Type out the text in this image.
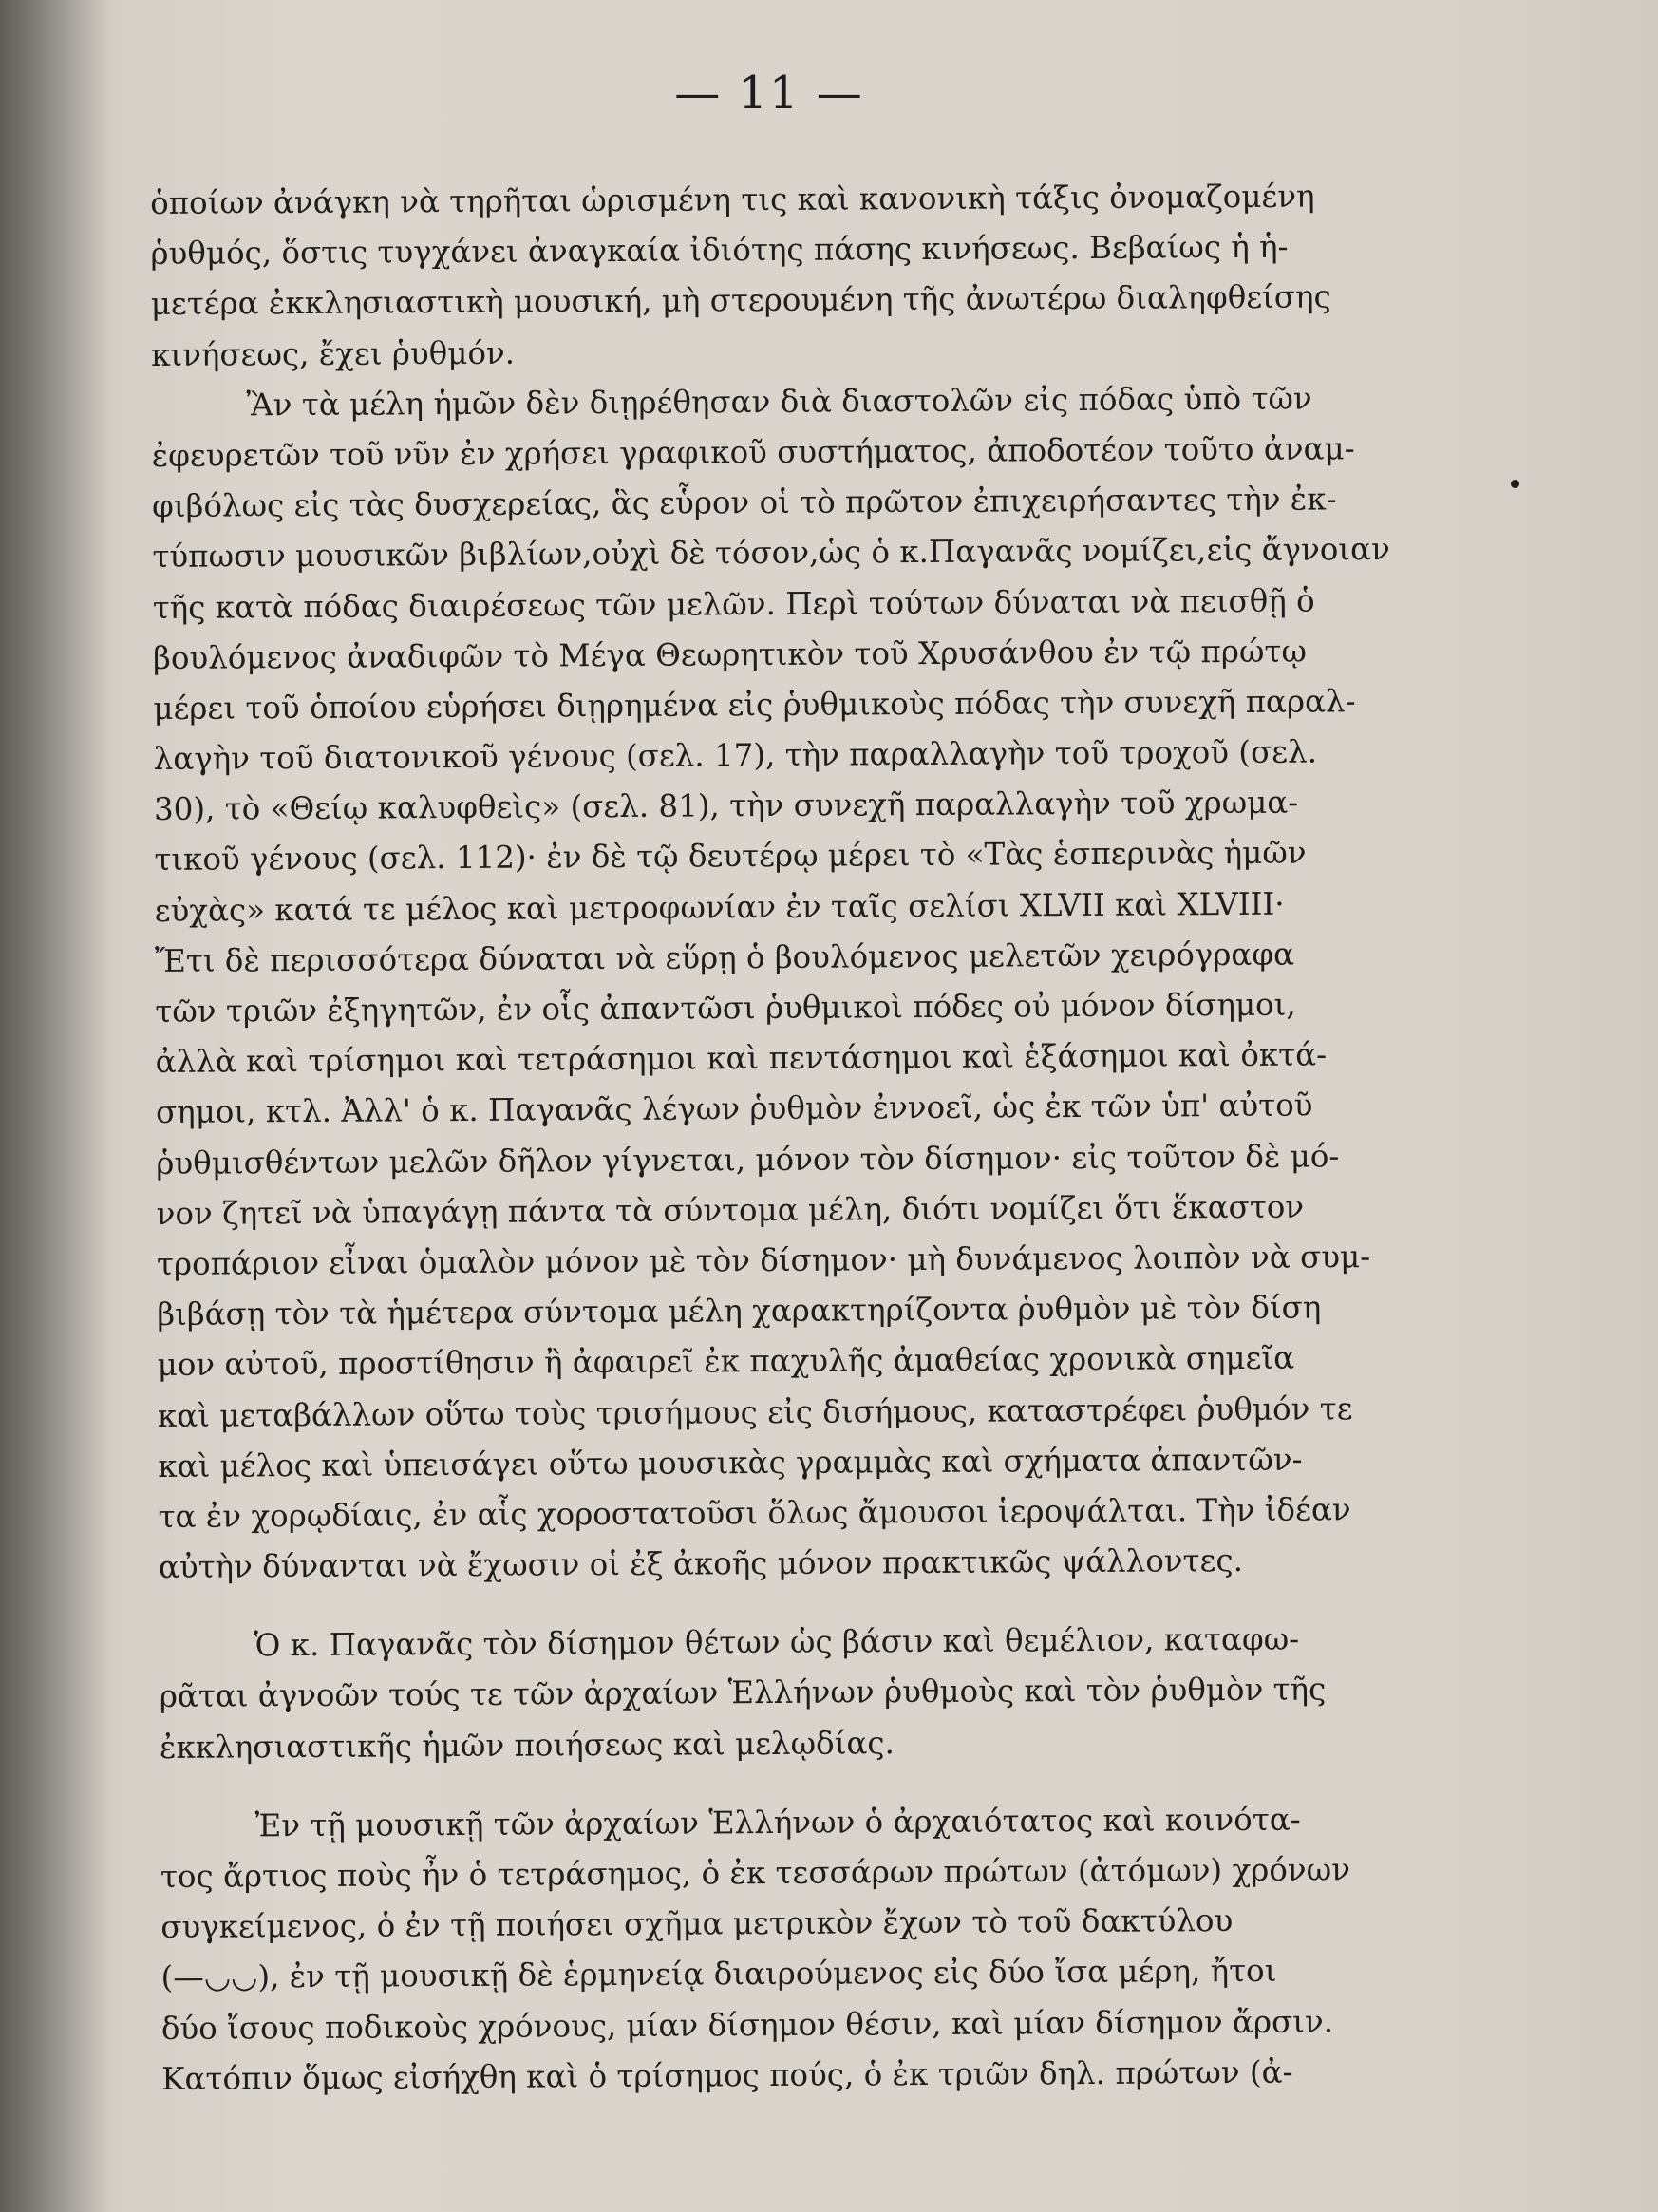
— 11 —
ὁποίων ἀνάγκη νὰ τηρῆται ὡρισμένη τις καὶ κανονικὴ τάξις ὀνομαζομένη
ῥυθμός, ὅστις τυγχάνει ἀναγκαία ἰδιότης πάσης κινήσεως. Βεβαίως ἡ ἡ-
μετέρα ἐκκλησιαστικὴ μουσική, μὴ στερουμένη τῆς ἀνωτέρω διαληφθείσης
κινήσεως, ἔχει ῥυθμόν.
Ἂν τὰ μέλη ἡμῶν δὲν διῃρέθησαν διὰ διαστολῶν εἰς πόδας ὑπὸ τῶν
ἐφευρετῶν τοῦ νῦν ἐν χρήσει γραφικοῦ συστήματος, ἀποδοτέον τοῦτο ἀναμ-
φιβόλως εἰς τὰς δυσχερείας, ἃς εὗρον οἱ τὸ πρῶτον ἐπιχειρήσαντες τὴν ἐκ-
τύπωσιν μουσικῶν βιβλίων,οὐχὶ δὲ τόσον,ὡς ὁ κ.Παγανᾶς νομίζει,εἰς ἄγνοιαν
τῆς κατὰ πόδας διαιρέσεως τῶν μελῶν. Περὶ τούτων δύναται νὰ πεισθῇ ὁ
βουλόμενος ἀναδιφῶν τὸ Μέγα Θεωρητικὸν τοῦ Χρυσάνθου ἐν τῷ πρώτῳ
μέρει τοῦ ὁποίου εὑρήσει διῃρημένα εἰς ῥυθμικοὺς πόδας τὴν συνεχῆ παραλ-
λαγὴν τοῦ διατονικοῦ γένους (σελ. 17), τὴν παραλλαγὴν τοῦ τροχοῦ (σελ.
30), τὸ «Θείῳ καλυφθεὶς» (σελ. 81), τὴν συνεχῆ παραλλαγὴν τοῦ χρωμα-
τικοῦ γένους (σελ. 112)· ἐν δὲ τῷ δευτέρῳ μέρει τὸ «Τὰς ἑσπερινὰς ἡμῶν
εὐχὰς» κατά τε μέλος καὶ μετροφωνίαν ἐν ταῖς σελίσι XLVII καὶ XLVIII·
Ἔτι δὲ περισσότερα δύναται νὰ εὕρῃ ὁ βουλόμενος μελετῶν χειρόγραφα
τῶν τριῶν ἐξηγητῶν, ἐν οἷς ἀπαντῶσι ῥυθμικοὶ πόδες οὐ μόνον δίσημοι,
ἀλλὰ καὶ τρίσημοι καὶ τετράσημοι καὶ πεντάσημοι καὶ ἑξάσημοι καὶ ὀκτά-
σημοι, κτλ. Ἀλλ' ὁ κ. Παγανᾶς λέγων ῥυθμὸν ἐννοεῖ, ὡς ἐκ τῶν ὑπ' αὐτοῦ
ῥυθμισθέντων μελῶν δῆλον γίγνεται, μόνον τὸν δίσημον· εἰς τοῦτον δὲ μό-
νον ζητεῖ νὰ ὑπαγάγῃ πάντα τὰ σύντομα μέλη, διότι νομίζει ὅτι ἕκαστον
τροπάριον εἶναι ὁμαλὸν μόνον μὲ τὸν δίσημον· μὴ δυνάμενος λοιπὸν νὰ συμ-
βιβάσῃ τὸν τὰ ἡμέτερα σύντομα μέλη χαρακτηρίζοντα ῥυθμὸν μὲ τὸν δίση
μον αὐτοῦ, προστίθησιν ἢ ἀφαιρεῖ ἐκ παχυλῆς ἀμαθείας χρονικὰ σημεῖα
καὶ μεταβάλλων οὕτω τοὺς τρισήμους εἰς δισήμους, καταστρέφει ῥυθμόν τε
καὶ μέλος καὶ ὑπεισάγει οὕτω μουσικὰς γραμμὰς καὶ σχήματα ἀπαντῶν-
τα ἐν χορῳδίαις, ἐν αἷς χοροστατοῦσι ὅλως ἄμουσοι ἱεροψάλται. Τὴν ἰδέαν
αὐτὴν δύνανται νὰ ἔχωσιν οἱ ἐξ ἀκοῆς μόνον πρακτικῶς ψάλλοντες.
Ὁ κ. Παγανᾶς τὸν δίσημον θέτων ὡς βάσιν καὶ θεμέλιον, καταφω-
ρᾶται ἀγνοῶν τούς τε τῶν ἀρχαίων Ἑλλήνων ῥυθμοὺς καὶ τὸν ῥυθμὸν τῆς
ἐκκλησιαστικῆς ἡμῶν ποιήσεως καὶ μελῳδίας.
Ἐν τῇ μουσικῇ τῶν ἀρχαίων Ἑλλήνων ὁ ἀρχαιότατος καὶ κοινότα-
τος ἄρτιος ποὺς ἦν ὁ τετράσημος, ὁ ἐκ τεσσάρων πρώτων (ἀτόμων) χρόνων
συγκείμενος, ὁ ἐν τῇ ποιήσει σχῆμα μετρικὸν ἔχων τὸ τοῦ δακτύλου
(—◡◡), ἐν τῇ μουσικῇ δὲ ἑρμηνείᾳ διαιρούμενος εἰς δύο ἴσα μέρη, ἤτοι
δύο ἴσους ποδικοὺς χρόνους, μίαν δίσημον θέσιν, καὶ μίαν δίσημον ἄρσιν.
Κατόπιν ὅμως εἰσήχθη καὶ ὁ τρίσημος πούς, ὁ ἐκ τριῶν δηλ. πρώτων (ἀ-
